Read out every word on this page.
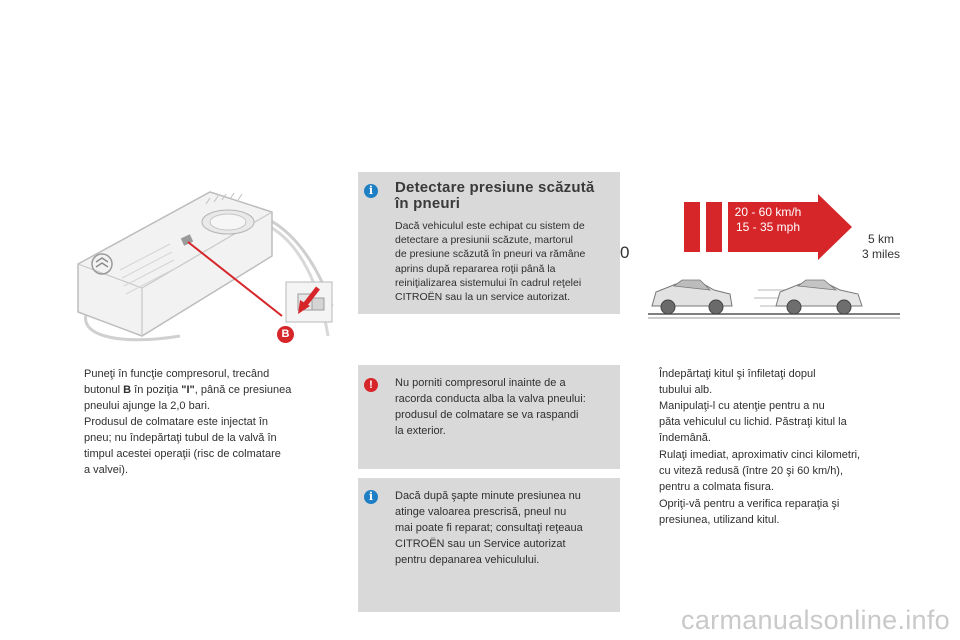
B
i	Detectare presiune scăzută
în pneuri
Dacă vehiculul este echipat cu sistem de
detectare a presiunii scăzute, martorul
de presiune scăzută în pneuri va rămâne
aprins după repararea roţii până la
reiniţializarea sistemului în cadrul reţelei
CITROËN sau la un service autorizat.
!	Nu porniti compresorul inainte de a
racorda conducta alba la valva pneului:
produsul de colmatare se va raspandi
la exterior.
i	Dacă după şapte minute presiunea nu
atinge valoarea prescrisă, pneul nu
mai poate fi reparat; consultaţi reţeaua
CITROËN sau un Service autorizat
pentru depanarea vehiculului.
Puneţi în funcţie compresorul, trecând
butonul B în poziţia "I", până ce presiunea
pneului ajunge la 2,0 bari.
Produsul de colmatare este injectat în
pneu; nu îndepărtaţi tubul de la valvă în
timpul acestei operaţii (risc de colmatare
a valvei).
20 - 60 km/h
15 - 35 mph
0
5 km
3 miles
Îndepărtaţi kitul şi înfiletaţi dopul
tubului alb.
Manipulaţi-l cu atenţie pentru a nu
păta vehiculul cu lichid. Păstraţi kitul la
îndemână.
Rulaţi imediat, aproximativ cinci kilometri,
cu viteză redusă (între 20 şi 60 km/h),
pentru a colmata fisura.
Opriţi-vă pentru a verifica reparaţia şi
presiunea, utilizand kitul.
carmanualsonline.info
